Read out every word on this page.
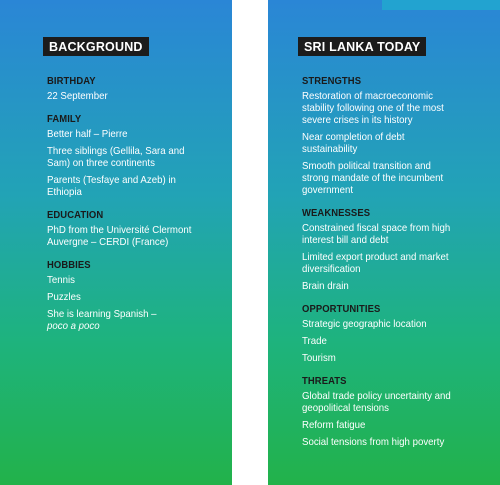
BACKGROUND
BIRTHDAY
22 September
FAMILY
Better half – Pierre
Three siblings (Gellila, Sara and Sam) on three continents
Parents (Tesfaye and Azeb) in Ethiopia
EDUCATION
PhD from the Université Clermont Auvergne – CERDI (France)
HOBBIES
Tennis
Puzzles
She is learning Spanish –
poco a poco
SRI LANKA TODAY
STRENGTHS
Restoration of macroeconomic stability following one of the most severe crises in its history
Near completion of debt sustainability
Smooth political transition and strong mandate of the incumbent government
WEAKNESSES
Constrained fiscal space from high interest bill and debt
Limited export product and market diversification
Brain drain
OPPORTUNITIES
Strategic geographic location
Trade
Tourism
THREATS
Global trade policy uncertainty and geopolitical tensions
Reform fatigue
Social tensions from high poverty
